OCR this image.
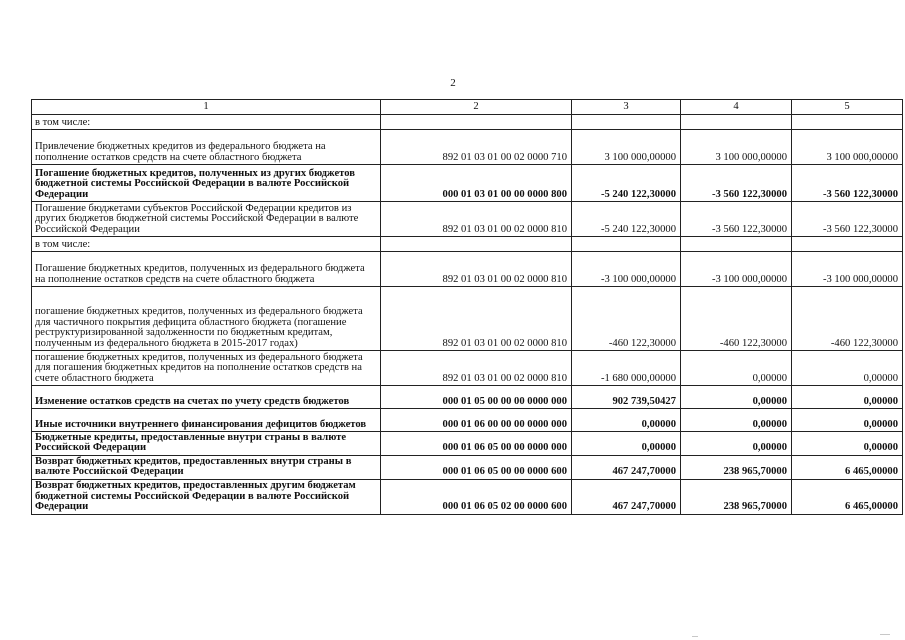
2
1	2	3	4	5
в том числе:				
Привлечение бюджетных кредитов из федерального бюджета на пополнение остатков средств на счете областного бюджета	892 01 03 01 00 02 0000 710	3 100 000,00000	3 100 000,00000	3 100 000,00000
Погашение бюджетных кредитов, полученных из других бюджетов бюджетной системы Российской Федерации в валюте Российской Федерации	000 01 03 01 00 00 0000 800	-5 240 122,30000	-3 560 122,30000	-3 560 122,30000
Погашение бюджетами субъектов Российской Федерации кредитов из других бюджетов бюджетной системы Российской Федерации в валюте Российской Федерации	892 01 03 01 00 02 0000 810	-5 240 122,30000	-3 560 122,30000	-3 560 122,30000
в том числе:				
Погашение бюджетных кредитов, полученных из федерального бюджета на пополнение остатков средств на счете областного бюджета	892 01 03 01 00 02 0000 810	-3 100 000,00000	-3 100 000,00000	-3 100 000,00000
погашение бюджетных кредитов, полученных из федерального бюджета для частичного покрытия дефицита областного бюджета (погашение реструктуризированной задолженности по бюджетным кредитам, полученным из федерального бюджета в 2015-2017 годах)	892 01 03 01 00 02 0000 810	-460 122,30000	-460 122,30000	-460 122,30000
погашение бюджетных кредитов, полученных из федерального бюджета для погашения бюджетных кредитов на пополнение остатков средств на счете областного бюджета	892 01 03 01 00 02 0000 810	-1 680 000,00000	0,00000	0,00000
Изменение остатков средств на счетах по учету средств бюджетов	000 01 05 00 00 00 0000 000	902 739,50427	0,00000	0,00000
Иные источники внутреннего финансирования дефицитов бюджетов	000 01 06 00 00 00 0000 000	0,00000	0,00000	0,00000
Бюджетные кредиты, предоставленные внутри страны в валюте Российской Федерации	000 01 06 05 00 00 0000 000	0,00000	0,00000	0,00000
Возврат бюджетных кредитов, предоставленных внутри страны в валюте Российской Федерации	000 01 06 05 00 00 0000 600	467 247,70000	238 965,70000	6 465,00000
Возврат бюджетных кредитов, предоставленных другим бюджетам бюджетной системы Российской Федерации в валюте Российской Федерации	000 01 06 05 02 00 0000 600	467 247,70000	238 965,70000	6 465,00000
